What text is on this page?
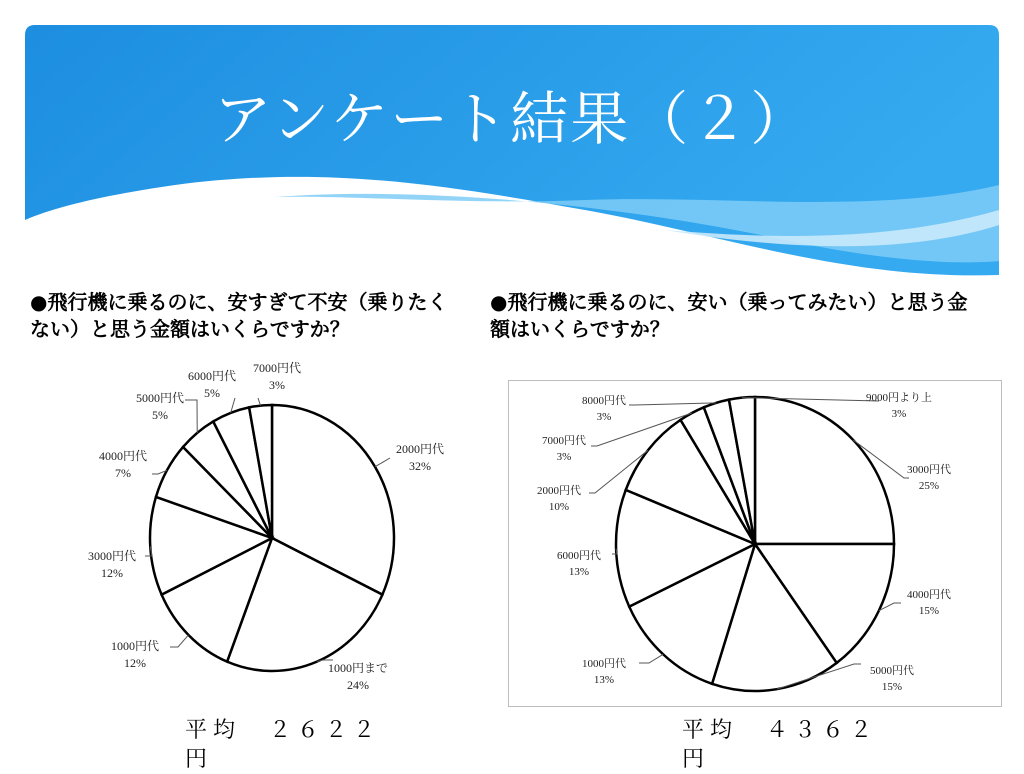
アンケート結果（２）
●飛行機に乗るのに、安すぎて不安（乗りたくない）と思う金額はいくらですか？
●飛行機に乗るのに、安い（乗ってみたい）と思う金額はいくらですか？
2000円代
32%
1000円まで
24%
1000円代
12%
3000円代
12%
4000円代
7%
5000円代
5%
6000円代
5%
7000円代
3%
3000円代
25%
4000円代
15%
5000円代
15%
1000円代
13%
6000円代
13%
2000円代
10%
7000円代
3%
8000円代
3%
9000円より上
3%
平均　２６２２円
平均　４３６２円
